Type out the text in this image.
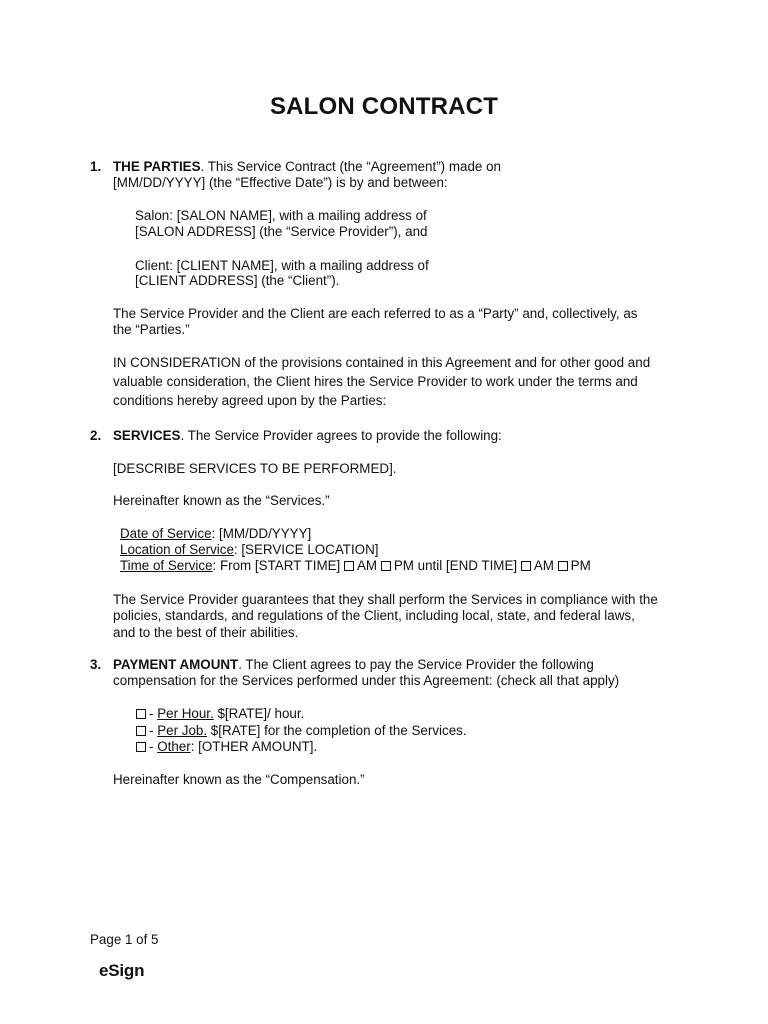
SALON CONTRACT
1. THE PARTIES. This Service Contract (the “Agreement”) made on
[MM/DD/YYYY] (the “Effective Date”) is by and between:
Salon: [SALON NAME], with a mailing address of
[SALON ADDRESS] (the “Service Provider”), and
Client: [CLIENT NAME], with a mailing address of
[CLIENT ADDRESS] (the “Client”).
The Service Provider and the Client are each referred to as a “Party” and, collectively, as
the “Parties.”
IN CONSIDERATION of the provisions contained in this Agreement and for other good and
valuable consideration, the Client hires the Service Provider to work under the terms and
conditions hereby agreed upon by the Parties:
2. SERVICES. The Service Provider agrees to provide the following:
[DESCRIBE SERVICES TO BE PERFORMED].
Hereinafter known as the “Services.”
Date of Service: [MM/DD/YYYY]
Location of Service: [SERVICE LOCATION]
Time of Service: From [START TIME] AM PM until [END TIME] AM PM
The Service Provider guarantees that they shall perform the Services in compliance with the
policies, standards, and regulations of the Client, including local, state, and federal laws,
and to the best of their abilities.
3. PAYMENT AMOUNT. The Client agrees to pay the Service Provider the following
compensation for the Services performed under this Agreement: (check all that apply)
- Per Hour. $[RATE]/ hour.
- Per Job. $[RATE] for the completion of the Services.
- Other: [OTHER AMOUNT].
Hereinafter known as the “Compensation.”
Page 1 of 5
eSign
